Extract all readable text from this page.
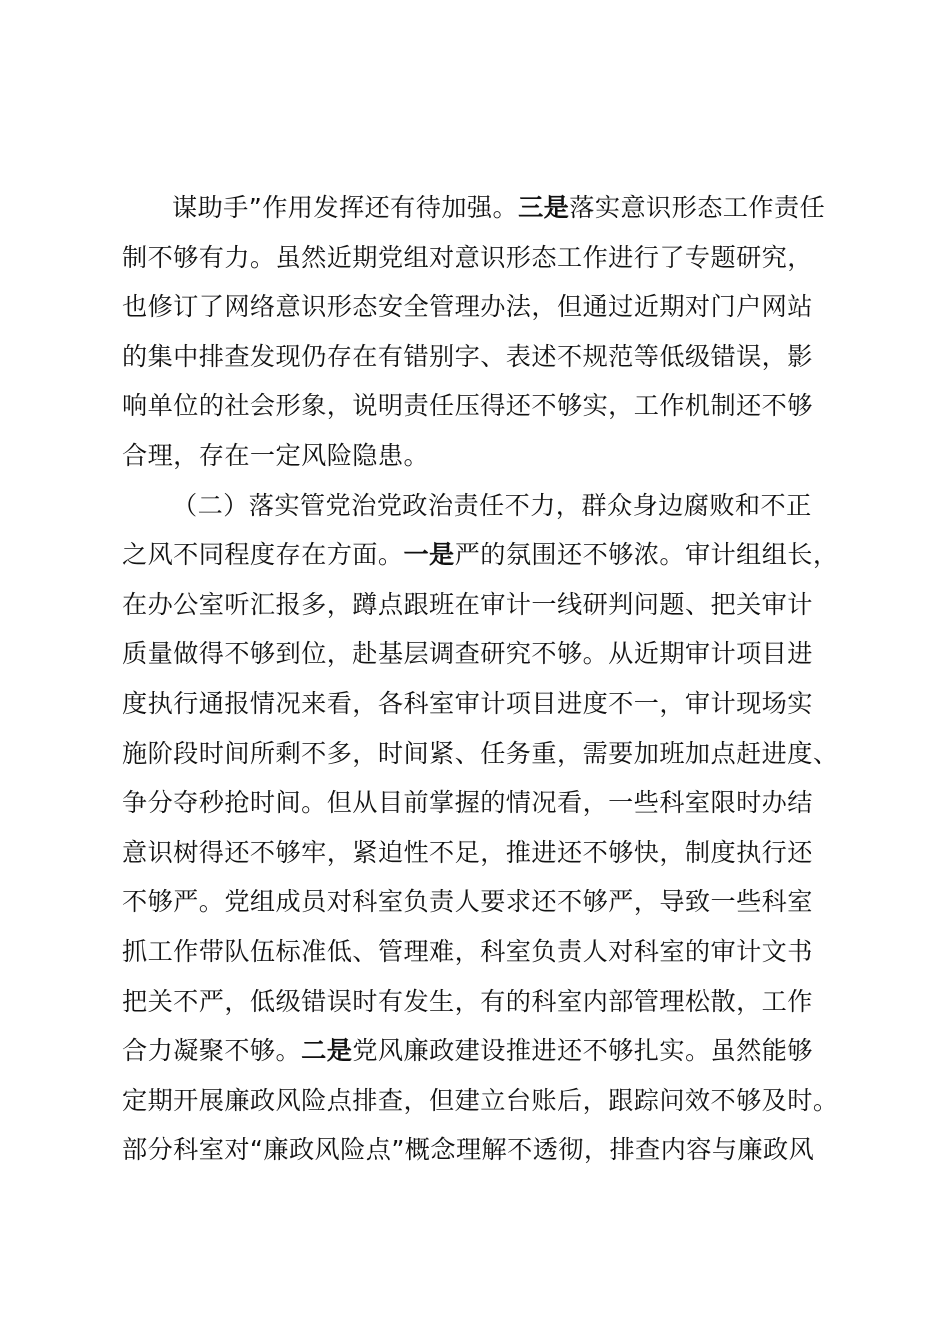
谋助手”作用发挥还有待加强。三是落实意识形态工作责任
制不够有力。虽然近期党组对意识形态工作进行了专题研究，
也修订了网络意识形态安全管理办法，但通过近期对门户网站
的集中排查发现仍存在有错别字、表述不规范等低级错误，影
响单位的社会形象，说明责任压得还不够实，工作机制还不够
合理，存在一定风险隐患。
（二）落实管党治党政治责任不力，群众身边腐败和不正
之风不同程度存在方面。一是严的氛围还不够浓。审计组组长，
在办公室听汇报多，蹲点跟班在审计一线研判问题、把关审计
质量做得不够到位，赴基层调查研究不够。从近期审计项目进
度执行通报情况来看，各科室审计项目进度不一，审计现场实
施阶段时间所剩不多，时间紧、任务重，需要加班加点赶进度、
争分夺秒抢时间。但从目前掌握的情况看，一些科室限时办结
意识树得还不够牢，紧迫性不足，推进还不够快，制度执行还
不够严。党组成员对科室负责人要求还不够严，导致一些科室
抓工作带队伍标准低、管理难，科室负责人对科室的审计文书
把关不严，低级错误时有发生，有的科室内部管理松散，工作
合力凝聚不够。二是党风廉政建设推进还不够扎实。虽然能够
定期开展廉政风险点排查，但建立台账后，跟踪问效不够及时。
部分科室对“廉政风险点”概念理解不透彻，排查内容与廉政风
